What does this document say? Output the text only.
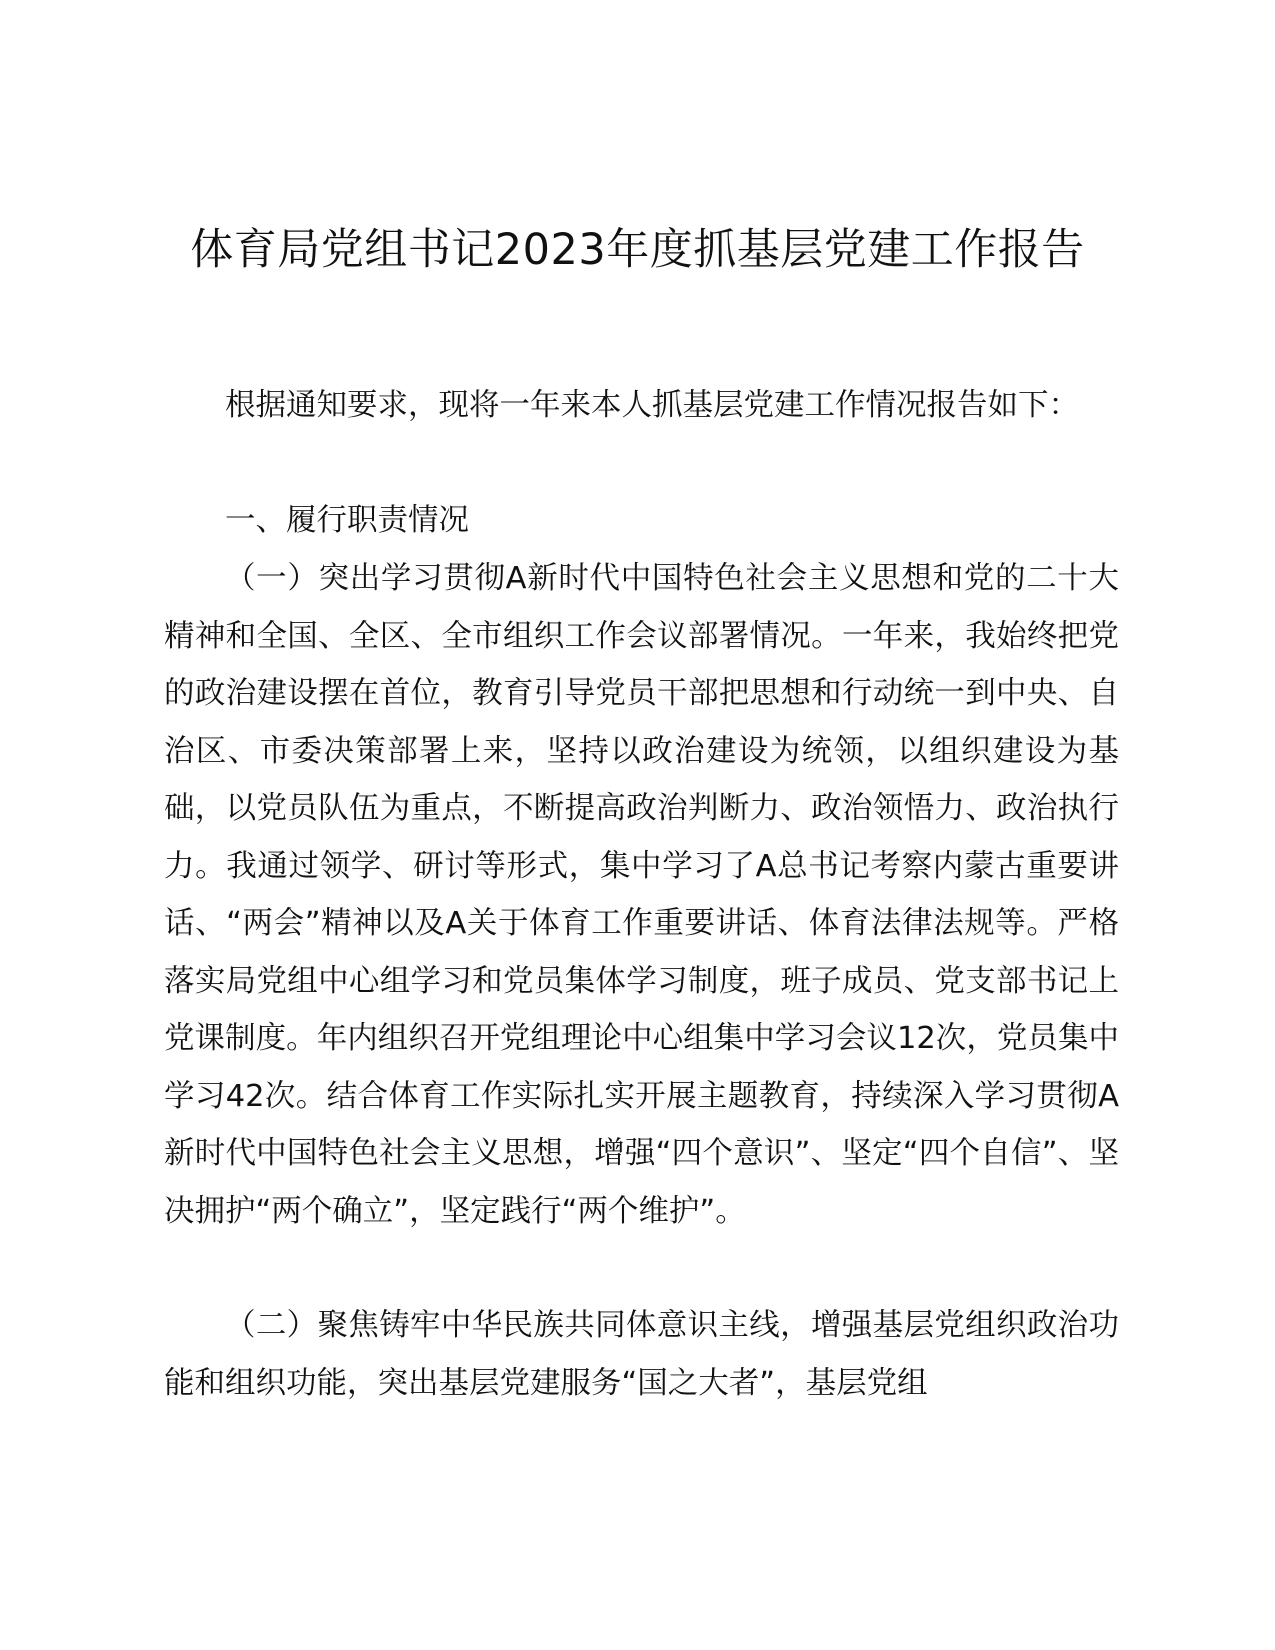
体育局党组书记2023年度抓基层党建工作报告

根据通知要求，现将一年来本人抓基层党建工作情况报告如下：

一、履行职责情况

（一）突出学习贯彻A新时代中国特色社会主义思想和党的二十大精神和全国、全区、全市组织工作会议部署情况。一年来，我始终把党的政治建设摆在首位，教育引导党员干部把思想和行动统一到中央、自治区、市委决策部署上来，坚持以政治建设为统领，以组织建设为基础，以党员队伍为重点，不断提高政治判断力、政治领悟力、政治执行力。我通过领学、研讨等形式，集中学习了A总书记考察内蒙古重要讲话、“两会”精神以及A关于体育工作重要讲话、体育法律法规等。严格落实局党组中心组学习和党员集体学习制度，班子成员、党支部书记上党课制度。年内组织召开党组理论中心组集中学习会议12次，党员集中学习42次。结合体育工作实际扎实开展主题教育，持续深入学习贯彻A新时代中国特色社会主义思想，增强“四个意识”、坚定“四个自信”、坚决拥护“两个确立”，坚定践行“两个维护”。

（二）聚焦铸牢中华民族共同体意识主线，增强基层党组织政治功能和组织功能，突出基层党建服务“国之大者”，基层党组
